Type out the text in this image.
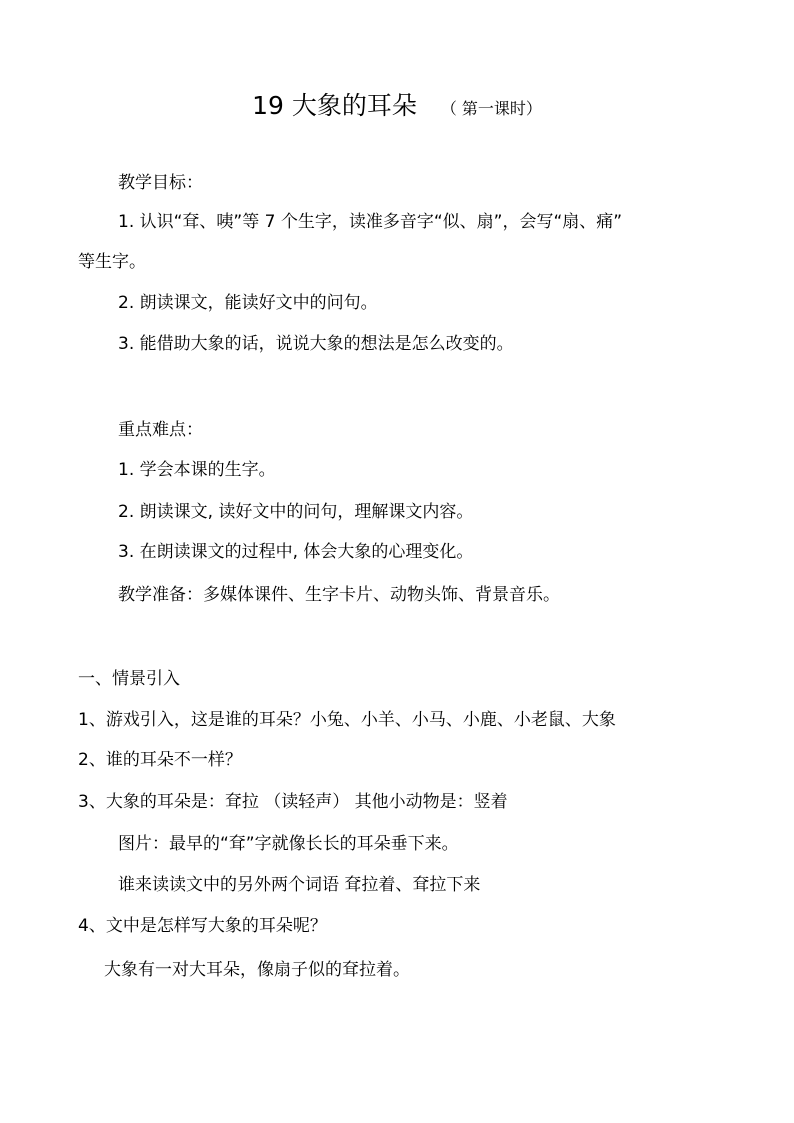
19 大象的耳朵 （ 第一课时）
教学目标：
1. 认识“耷、咦”等 7 个生字，读准多音字“似、扇”，会写“扇、痛”
等生字。
2. 朗读课文，能读好文中的问句。
3. 能借助大象的话，说说大象的想法是怎么改变的。
重点难点：
1. 学会本课的生字。
2. 朗读课文, 读好文中的问句，理解课文内容。
3. 在朗读课文的过程中, 体会大象的心理变化。
教学准备：多媒体课件、生字卡片、动物头饰、背景音乐。
一、情景引入
1、游戏引入，这是谁的耳朵？小兔、小羊、小马、小鹿、小老鼠、大象
2、谁的耳朵不一样？
3、大象的耳朵是：耷拉 （读轻声） 其他小动物是：竖着
图片：最早的“耷”字就像长长的耳朵垂下来。
谁来读读文中的另外两个词语 耷拉着、耷拉下来
4、文中是怎样写大象的耳朵呢？
大象有一对大耳朵，像扇子似的耷拉着。
